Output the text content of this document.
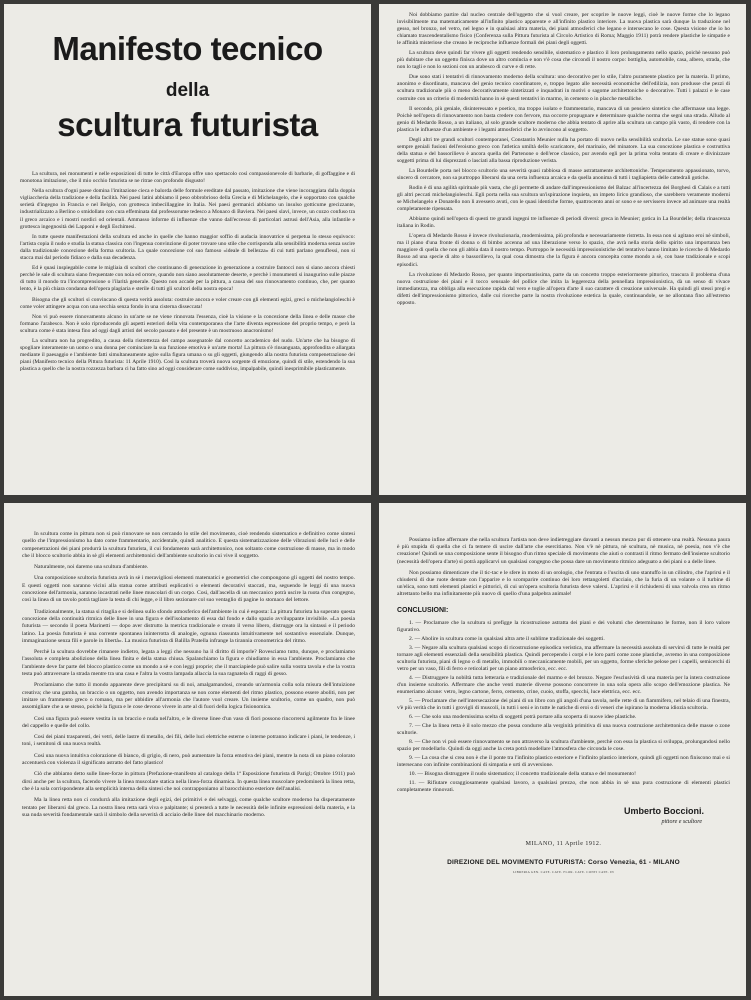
Manifesto tecnico
della
scultura futurista

La scultura, nei monumenti e nelle esposizioni di tutte le città d'Europa offre uno spettacolo così compassionevole di barbarie, di goffaggine e di monotona imitazione, che il mio occhio futurista se ne ritrae con profondo disgusto!

Nella scultura d'ogni paese domina l'imitazione cieca e balorda delle formule ereditate dal passato, imitazione che viene incoraggiata dalla doppia vigliaccheria della tradizione e della facilità. Nei paesi latini abbiamo il peso obbrobrioso della Grecia e di Michelangelo, che è sopportato con qualche serietà d'ingegno in Francia e nel Belgio, con grottesca imbecillaggine in Italia. Nei paesi germanici abbiamo un insulso gotticume grecizzante, industrializzato a Berlino o smidollato con cura effeminata dal professorume tedesco a Monaco di Baviera. Nei paesi slavi, invece, un cozzo confuso tra il greco arcaico e i mostri nordici od orientali. Ammasso informe di influenze che vanno dall'eccesso di particolari astrusi dell'Asia, alla infantile e grottesca ingegnosità dei Lapponi e degli Eschimesi.

In tutte queste manifestazioni della scultura ed anche in quelle che hanno maggior soffio di audacia innovatrice si perpetua lo stesso equivoco: l'artista copia il nudo e studia la statua classica con l'ingenua convinzione di poter trovare uno stile che corrisponda alla sensibilità moderna senza uscire dalla tradizionale concezione della forma scultoria. La quale concezione col suo famoso «ideale di bellezza» di cui tutti parlano genuflessi, non si stacca mai dal periodo fidiaco e dalla sua decadenza.

Ed è quasi inspiegabile come le migliaia di scultori che continuano di generazione in generazione a costruire fantocci non si siano ancora chiesti perchè le sale di scultura siano frequentate con noia ed orrore, quando non siano assolutamente deserte, e perchè i monumenti si inaugurino sulle piazze di tutto il mondo tra l'incomprensione o l'ilarità generale. Questo non accade per la pittura, a causa del suo rinnovamento continuo, che, per quanto lento, è la più chiara condanna dell'opera plagiaria e sterile di tutti gli scultori della nostra epoca!

Bisogna che gli scultori si convincano di questa verità assoluta: costruire ancora e voler creare con gli elementi egizi, greci o michelangioleschi è come voler attingere acqua con una secchia senza fondo in una cisterna disseccata!

Non vi può essere rinnovamento alcuno in un'arte se ne viene rinnovata l'essenza, cioè la visione e la concezione della linea e delle masse che formano l'arabesco. Non è solo riproducendo gli aspetti esteriori della vita contemporanea che l'arte diventa espressione del proprio tempo, e però la scultura come è stata intesa fino ad oggi dagli artisti del secolo passato e del presente è un mostruoso anacronismo!

La scultura non ha progredito, a causa della ristrettezza del campo assegnatole dal concetto accademico del nudo. Un'arte che ha bisogno di spogliare interamente un uomo o una donna per cominciare la sua funzione emotiva è un'arte morta! La pittura s'è rinsanguata, approfondita e allargata mediante il paesaggio e l'ambiente fatti simultaneamente agire sulla figura umana o su gli oggetti, giungendo alla nostra futurista compenetrazione dei piani (Manifesto tecnico della Pittura futurista: 11 Aprile 1910). Così la scultura troverà nuova sorgente di emozione, quindi di stile, estendendo la sua plastica a quello che la nostra rozzezza barbara ci ha fatto sino ad oggi considerare come suddiviso, impalpabile, quindi inesprimibile plasticamente.

Noi dobbiamo partire dal nucleo centrale dell'oggetto che si vuol creare, per scoprire le nuove leggi, cioè le nuove forme che lo legano invisibilmente ma matematicamente all'infinito plastico apparente e all'infinito plastico interiore. La nuova plastica sarà dunque la traduzione nel gesso, nel bronzo, nel vetro, nel legno e in qualsiasi altra materia, dei piani atmosferici che legano e intersecano le cose. Questa visione che io ho chiamato trascendentalismo fisico (Conferenza sulla Pittura futurista al Circolo Artistico di Roma; Maggio 1911) potrà rendere plastiche le simpatie e le affinità misteriose che creano le reciproche influenze formali dei piani degli oggetti.

La scultura deve quindi far vivere gli oggetti rendendo sensibile, sistematico e plastico il loro prolungamento nello spazio, poichè nessuno può più dubitare che un oggetto finisca dove un altro comincia e non v'è cosa che circondi il nostro corpo: bottiglia, automobile, casa, albero, strada, che non lo tagli e non lo sezioni con un arabesco di curve e di rette.

Due sono stati i tentativi di rinnovamento moderno della scultura: uno decorativo per lo stile, l'altro puramente plastico per la materia. Il primo, anonimo e disordinato, mancava del genio tecnico coordinatore, e, troppo legato alle necessità economiche dell'edilizia, non produsse che pezzi di scultura tradizionale più o meno decorativamente sintetizzati e inquadrati in motivi o sagome architettoniche o decorative. Tutti i palazzi e le case costruite con un criterio di modernità hanno in sè questi tentativi in marmo, in cemento o in placche metalliche.

Il secondo, più geniale, disinteressato e poetico, ma troppo isolato e frammentario, mancava di un pensiero sintetico che affermasse una legge. Poichè nell'opera di rinnovamento non basta credere con fervore, ma occorre propugnare e determinare qualche norma che segni una strada. Alludo al genio di Medardo Rosso, a un italiano, al solo grande scultore moderno che abbia tentato di aprire alla scultura un campo più vasto, di rendere con la plastica le influenze d'un ambiente e i legami atmosferici che lo avvincono al soggetto.

Degli altri tre grandi scultori contemporanei, Constantin Meunier nulla ha portato di nuovo nella sensibilità scultoria. Le sue statue sono quasi sempre geniali fusioni dell'eroismo greco con l'atletica umiltà dello scaricatore, del marinaio, del minatore. La sua concezione plastica e costruttiva della statua e del bassorilievo è ancora quella del Partenone o dell'eroe classico, pur avendo egli per la prima volta tentato di creare e divinizzare soggetti prima di lui disprezzati o lasciati alla bassa riproduzione verista.

La Bourdelle porta nel blocco scultorio una severità quasi rabbiosa di masse astrattamente architettoniche. Temperamento appassionato, torvo, sincero di cercatore, non sa purtroppo liberarsi da una certa influenza arcaica e da quella anonima di tutti i tagliapietra delle cattedrali gotiche.

Rodin è di una agilità spirituale più vasta, che gli permette di andare dall'impressionismo del Balzac all'incertezza dei Borghesi di Calais e a tutti gli altri peccati michelangioleschi. Egli porta nella sua scultura un'ispirazione inquieta, un impeto lirico grandioso, che sarebbero veramente moderni se Michelangelo e Donatello non li avessero avuti, con le quasi identiche forme, quattrocento anni or sono e se servissero invece ad animare una realtà completamente ripensata.

Abbiamo quindi nell'opera di questi tre grandi ingegni tre influenze di periodi diversi: greca in Meunier; gotica in La Bourdelle; della rinascenza italiana in Rodin.

L'opera di Medardo Rosso è invece rivoluzionaria, modernissima, più profonda e necessariamente ristretta. In essa non si agitano eroi nè simboli, ma il piano d'una fronte di donna o di bimbo accenna ad una liberazione verso lo spazio, che avrà nella storia dello spirito una importanza ben maggiore di quella che non gli abbia data il nostro tempo. Purtroppo le necessità impressionistiche del tentativo hanno limitato le ricerche di Medardo Rosso ad una specie di alto o bassorilievo, la qual cosa dimostra che la figura è ancora concepita come mondo a sè, con base tradizionale e scopi episodici.

La rivoluzione di Medardo Rosso, per quanto importantissima, parte da un concetto troppo esteriormente pittorico, trascura il problema d'una nuova costruzione dei piani e il tocco sensuale del pollice che imita la leggerezza della pennellata impressionistica, dà un senso di vivace immediatezza, ma obbliga alla esecuzione rapida dal vero e toglie all'opera d'arte il suo carattere di creazione universale. Ha quindi gli stessi pregi e difetti dell'impressionismo pittorico, dalle cui ricerche parte la nostra rivoluzione estetica la quale, continuandole, se ne allontana fino all'estremo opposto.

In scultura come in pittura non si può rinnovare se non cercando lo stile del movimento, cioè rendendo sistematico e definitivo come sintesi quello che l'impressionismo ha dato come frammentario, accidentale, quindi analitico. E questa sistematizzazione delle vibrazioni delle luci e delle compenetrazioni dei piani produrrà la scultura futurista, il cui fondamento sarà architettonico, non soltanto come costruzione di masse, ma in modo che il blocco scultorio abbia in sè gli elementi architettonici dell'ambiente scultorio in cui vive il soggetto.

Naturalmente, noi daremo una scultura d'ambiente.

Una composizione scultoria futurista avrà in sè i meravigliosi elementi matematici e geometrici che compongono gli oggetti del nostro tempo. E questi oggetti non saranno vicini alla statua come attributi esplicativi o elementi decorativi staccati, ma, seguendo le leggi di una nuova concezione dell'armonia, saranno incastrati nelle linee muscolari di un corpo. Così, dall'ascella di un meccanico potrà uscire la ruota d'un congegno, così la linea di un tavolo potrà tagliare la testa di chi legge, e il libro sezionare col suo ventaglio di pagine lo stomaco del lettore.

Tradizionalmente, la statua si ritaglia e si delinea sullo sfondo atmosferico dell'ambiente in cui è esposta: La pittura futurista ha superato questa concezione della continuità ritmica delle linee in una figura e dell'isolamento di essa dal fondo e dallo spazio avviluppante invisibile. «La poesia futurista — secondo il poeta Marinetti — dopo aver distrutto la metrica tradizionale e creato il verso libero, distrugge ora la sintassi e il periodo latino. La poesia futurista è una corrente spontanea ininterrotta di analogie, ognuna riassunta intuitivamente nel sostantivo essenziale. Dunque, immaginazione senza fili e parole in libertà». La musica futurista di Balilla Pratella infrange la tirannia cronometrica del ritmo.

Perchè la scultura dovrebbe rimanere indietro, legata a leggi che nessuno ha il diritto di imporle? Rovesciamo tutto, dunque, e proclamiamo l'assoluta e completa abolizione della linea finita e della statua chiusa. Spalanchiamo la figura e chiudiamo in essa l'ambiente. Proclamiamo che l'ambiente deve far parte del blocco plastico come un mondo a sè e con leggi proprie; che il marciapiede può salire sulla vostra tavola e che la vostra testa può attraversare la strada mentre tra una casa e l'altra la vostra lampada allaccia la sua ragnatela di raggi di gesso.

Proclamiamo che tutto il mondo apparente deve precipitarsi su di noi, amalgamandosi, creando un'armonia colla sola misura dell'intuizione creativa; che una gamba, un braccio o un oggetto, non avendo importanza se non come elementi del ritmo plastico, possono essere aboliti, non per imitare un frammento greco o romano, ma per ubbidire all'armonia che l'autore vuol creare. Un insieme scultorio, come un quadro, non può assomigliare che a se stesso, poichè la figura e le cose devono vivere in arte al di fuori della logica fisionomica.

Così una figura può essere vestita in un braccio e nuda nell'altro, e le diverse linee d'un vaso di fiori possono rincorrersi agilmente fra le linee del cappello e quelle del collo.

Così dei piani trasparenti, dei vetri, delle lastre di metallo, dei fili, delle luci elettriche esterne o interne potranno indicare i piani, le tendenze, i toni, i semitoni di una nuova realtà.

Così una nuova intuitiva colorazione di bianco, di grigio, di nero, può aumentare la forza emotiva dei piani, mentre la nota di un piano colorato accentuerà con violenza il significato astratto del fatto plastico!

Ciò che abbiamo detto sulle linee-forze in pittura (Prefazione-manifesto al catalogo della 1ª Esposizione futurista di Parigi; Ottobre 1911) può dirsi anche per la scultura, facendo vivere la linea muscolare statica nella linea-forza dinamica. In questa linea muscolare predominerà la linea retta, che è la sola corrispondente alla semplicità interna della sintesi che noi contrapponiamo al barocchismo esteriore dell'analisi.

Ma la linea retta non ci condurrà alla imitazione degli egizi, dei primitivi e dei selvaggi, come qualche scultore moderno ha disperatamente tentato per liberarsi dal greco. La nostra linea retta sarà viva e palpitante; si presterà a tutte le necessità delle infinite espressioni della materia, e la sua nuda severità fondamentale sarà il simbolo della severità di acciaio delle linee del macchinario moderno.

Possiamo infine affermare che nella scultura l'artista non deve indietreggiare davanti a nessun mezzo pur di ottenere una realtà. Nessuna paura è più stupida di quella che ci fa temere di uscire dall'arte che esercitiamo. Non v'è nè pittura, nè scultura, nè musica, nè poesia, non v'è che creazione! Quindi se una composizione sente il bisogno d'un ritmo speciale di movimento che aiuti o contrasti il ritmo fermato dell'insieme scultorio (necessità dell'opera d'arte) si potrà applicarvi un qualsiasi congegno che possa dare un movimento ritmico adeguato a dei piani o a delle linee.

Non possiamo dimenticare che il tic-tac e le sfere in moto di un orologio, che l'entrata o l'uscita di uno stantuffo in un cilindro, che l'aprirsi e il chiudersi di due ruote dentate con l'apparire e lo scomparire continuo dei loro rettangoletti d'acciaio, che la furia di un volante o il turbine di un'elica, sono tutti elementi plastici e pittorici, di cui un'opera scultoria futurista deve valersi. L'aprirsi e il richiudersi di una valvola crea un ritmo altrettanto bello ma infinitamente più nuovo di quello d'una palpebra animale!

CONCLUSIONI:

1. — Proclamare che la scultura si prefigge la ricostruzione astratta dei piani e dei volumi che determinano le forme, non il loro valore figurativo.

2. — Abolire in scultura come in qualsiasi altra arte il sublime tradizionale dei soggetti.

3. — Negare alla scultura qualsiasi scopo di ricostruzione episodica veristica, ma affermare la necessità assoluta di servirsi di tutte le realtà per tornare agli elementi essenziali della sensibilità plastica. Quindi percependo i corpi e le loro parti come zone plastiche, avremo in una composizione scultoria futurista, piani di legno o di metallo, immobili o meccanicamente mobili, per un oggetto, forme sferiche pelose per i capelli, semicerchi di vetro per un vaso, fili di ferro e reticolati per un piano atmosferico, ecc. ecc.

4. — Distruggere la nobiltà tutta letteraria e tradizionale del marmo e del bronzo. Negare l'esclusività di una materia per la intera costruzione d'un insieme scultorio. Affermare che anche venti materie diverse possono concorrere in una sola opera allo scopo dell'emozione plastica. Ne enumeriamo alcune: vetro, legno cartone, ferro, cemento, crine, cuoio, stoffa, specchi, luce elettrica, ecc. ecc.

5. — Proclamare che nell'intersecazione dei piani di un libro con gli angoli d'una tavola, nelle rette di un fiammifero, nel telaio di una finestra, v'è più verità che in tutti i grovigli di muscoli, in tutti i seni e in tutte le natiche di eroi o di veneri che ispirano la moderna idiozia scultoria.

6. — Che solo una modernissima scelta di soggetti potrà portare alla scoperta di nuove idee plastiche.

7. — Che la linea retta è il solo mezzo che possa condurre alla verginità primitiva di una nuova costruzione architettonica delle masse o zone scultorie.

8. — Che non vi può essere rinnovamento se non attraverso la scultura d'ambiente, perchè con essa la plastica si sviluppa, prolungandosi nello spazio per modellarlo. Quindi da oggi anche la creta potrà modellare l'atmosfera che circonda le cose.

9. — La cosa che si crea non è che il ponte tra l'infinito plastico esteriore e l'infinito plastico interiore, quindi gli oggetti non finiscono mai e si intersecano con infinite combinazioni di simpatia e urti di avversione.

10. — Bisogna distruggere il nudo sistematico; il concetto tradizionale della statua e del monumento!

11. — Rifiutare coraggiosamente qualsiasi lavoro, a qualsiasi prezzo, che non abbia in sè una pura costruzione di elementi plastici completamente rinnovati.

Umberto Boccioni.
pittore e scultore
MILANO, 11 Aprile 1912.
DIREZIONE DEL MOVIMENTO FUTURISTA: Corso Venezia, 61 - MILANO
LIBRERIA GEN. CATE. CATE. FLOR. CATE. CONTI CATE. IN
